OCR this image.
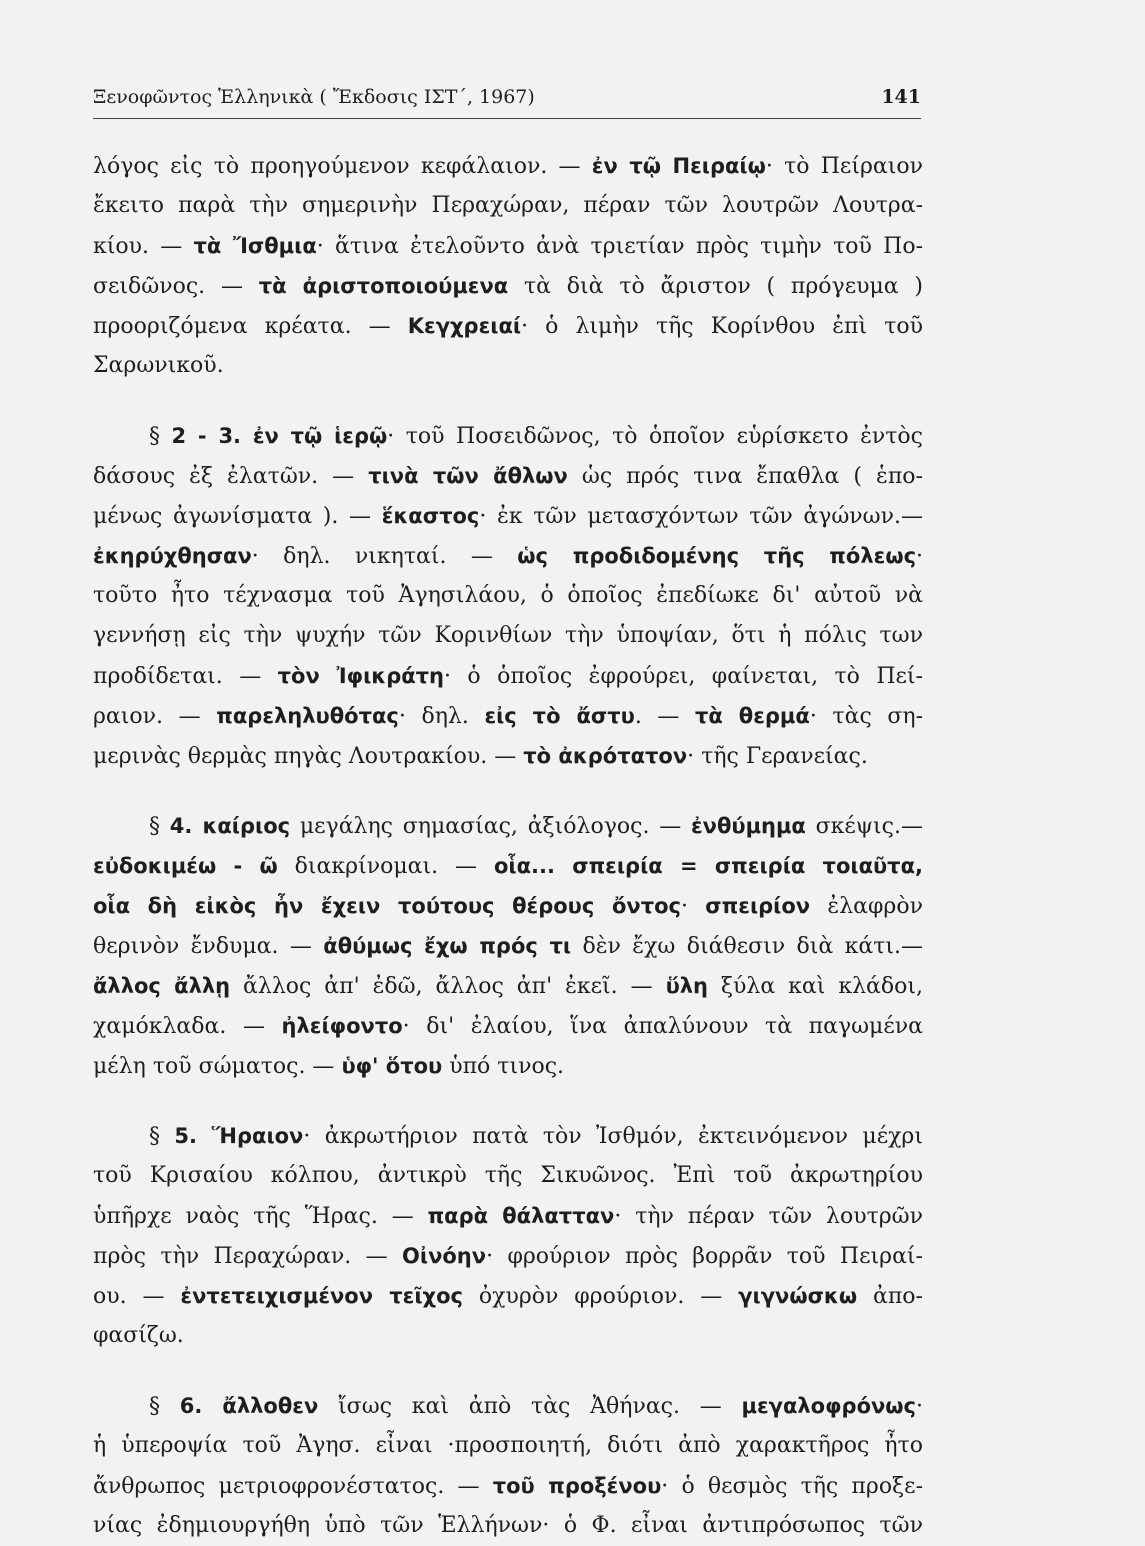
Ξενοφῶντος Ἑλληνικὰ ( Ἔκδοσις ΙΣΤ΄, 1967)	141
λόγος εἰς τὸ προηγούμενον κεφάλαιον. — ἐν τῷ Πειραίῳ· τὸ Πείραιον
ἔκειτο παρὰ τὴν σημερινὴν Περαχώραν, πέραν τῶν λουτρῶν Λουτρα-
κίου. — τὰ Ἴσθμια· ἅτινα ἐτελοῦντο ἀνὰ τριετίαν πρὸς τιμὴν τοῦ Πο-
σειδῶνος. — τὰ ἀριστοποιούμενα τὰ διὰ τὸ ἄριστον ( πρόγευμα )
προοριζόμενα κρέατα. — Κεγχρειαί· ὁ λιμὴν τῆς Κορίνθου ἐπὶ τοῦ
Σαρωνικοῦ.
§ 2 - 3. ἐν τῷ ἱερῷ· τοῦ Ποσειδῶνος, τὸ ὁποῖον εὑρίσκετο ἐντὸς
δάσους ἐξ ἐλατῶν. — τινὰ τῶν ἄθλων ὡς πρός τινα ἔπαθλα ( ἑπο-
μένως ἀγωνίσματα ). — ἕκαστος· ἐκ τῶν μετασχόντων τῶν ἀγώνων.—
ἐκηρύχθησαν· δηλ. νικηταί. — ὡς προδιδομένης τῆς πόλεως·
τοῦτο ἦτο τέχνασμα τοῦ Ἀγησιλάου, ὁ ὁποῖος ἐπεδίωκε δι' αὐτοῦ νὰ
γεννήσῃ εἰς τὴν ψυχήν τῶν Κορινθίων τὴν ὑποψίαν, ὅτι ἡ πόλις των
προδίδεται. — τὸν Ἰφικράτη· ὁ ὁποῖος ἐφρούρει, φαίνεται, τὸ Πεί-
ραιον. — παρεληλυθότας· δηλ. εἰς τὸ ἄστυ. — τὰ θερμά· τὰς ση-
μερινὰς θερμὰς πηγὰς Λουτρακίου. — τὸ ἀκρότατον· τῆς Γερανείας.
§ 4. καίριος μεγάλης σημασίας, ἀξιόλογος. — ἐνθύμημα σκέψις.—
εὐδοκιμέω - ῶ διακρίνομαι. — οἷα... σπειρία = σπειρία τοιαῦτα,
οἷα δὴ εἰκὸς ἦν ἔχειν τούτους θέρους ὄντος· σπειρίον ἐλαφρὸν
θερινὸν ἔνδυμα. — ἀθύμως ἔχω πρός τι δὲν ἔχω διάθεσιν διὰ κάτι.—
ἄλλος ἄλλῃ ἄλλος ἀπ' ἐδῶ, ἄλλος ἀπ' ἐκεῖ. — ὕλη ξύλα καὶ κλάδοι,
χαμόκλαδα. — ἠλείφοντο· δι' ἐλαίου, ἵνα ἀπαλύνουν τὰ παγωμένα
μέλη τοῦ σώματος. — ὑφ' ὅτου ὑπό τινος.
§ 5. Ἥραιον· ἀκρωτήριον πατὰ τὸν Ἰσθμόν, ἐκτεινόμενον μέχρι
τοῦ Κρισαίου κόλπου, ἀντικρὺ τῆς Σικυῶνος. Ἐπὶ τοῦ ἀκρωτηρίου
ὑπῆρχε ναὸς τῆς Ἥρας. — παρὰ θάλατταν· τὴν πέραν τῶν λουτρῶν
πρὸς τὴν Περαχώραν. — Οἰνόην· φρούριον πρὸς βορρᾶν τοῦ Πειραί-
ου. — ἐντετειχισμένον τεῖχος ὀχυρὸν φρούριον. — γιγνώσκω ἀπο-
φασίζω.
§ 6. ἄλλοθεν ἴσως καὶ ἀπὸ τὰς Ἀθήνας. — μεγαλοφρόνως·
ἡ ὑπεροψία τοῦ Ἀγησ. εἶναι ·προσποιητή, διότι ἀπὸ χαρακτῆρος ἦτο
ἄνθρωπος μετριοφρονέστατος. — τοῦ προξένου· ὁ θεσμὸς τῆς προξε-
νίας ἐδημιουργήθη ὑπὸ τῶν Ἑλλήνων· ὁ Φ. εἶναι ἀντιπρόσωπος τῶν
